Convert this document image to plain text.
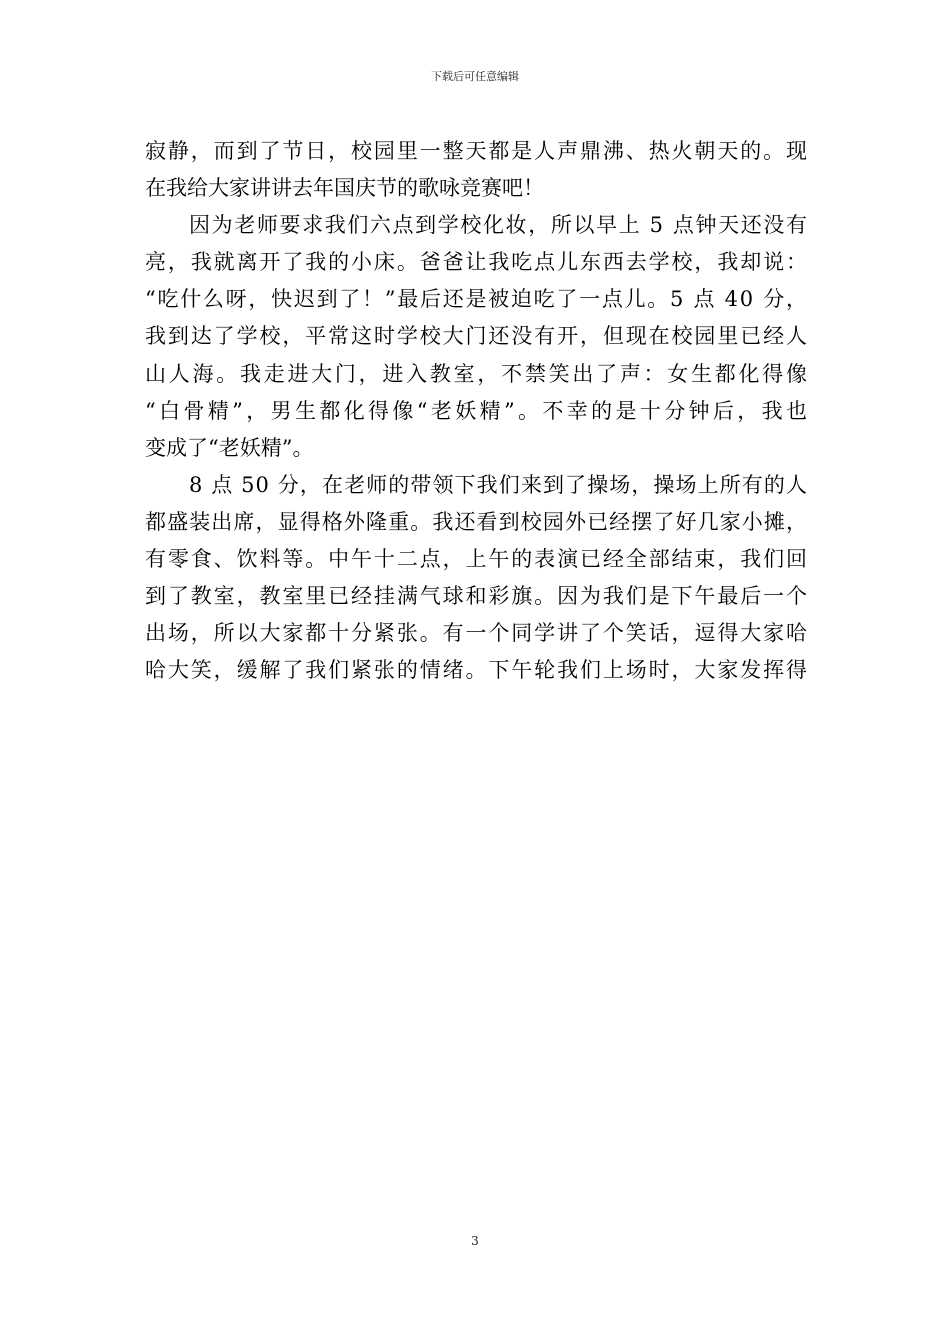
下载后可任意编辑
寂静，而到了节日，校园里一整天都是人声鼎沸、热火朝天的。现
在我给大家讲讲去年国庆节的歌咏竞赛吧！
因为老师要求我们六点到学校化妆，所以早上 5 点钟天还没有
亮，我就离开了我的小床。爸爸让我吃点儿东西去学校，我却说：
“吃什么呀，快迟到了！”最后还是被迫吃了一点儿。5 点 40 分，
我到达了学校，平常这时学校大门还没有开，但现在校园里已经人
山人海。我走进大门，进入教室，不禁笑出了声：女生都化得像
“白骨精”，男生都化得像“老妖精”。不幸的是十分钟后，我也
变成了“老妖精”。
8 点 50 分，在老师的带领下我们来到了操场，操场上所有的人
都盛装出席，显得格外隆重。我还看到校园外已经摆了好几家小摊，
有零食、饮料等。中午十二点，上午的表演已经全部结束，我们回
到了教室，教室里已经挂满气球和彩旗。因为我们是下午最后一个
出场，所以大家都十分紧张。有一个同学讲了个笑话，逗得大家哈
哈大笑，缓解了我们紧张的情绪。下午轮我们上场时，大家发挥得
3
